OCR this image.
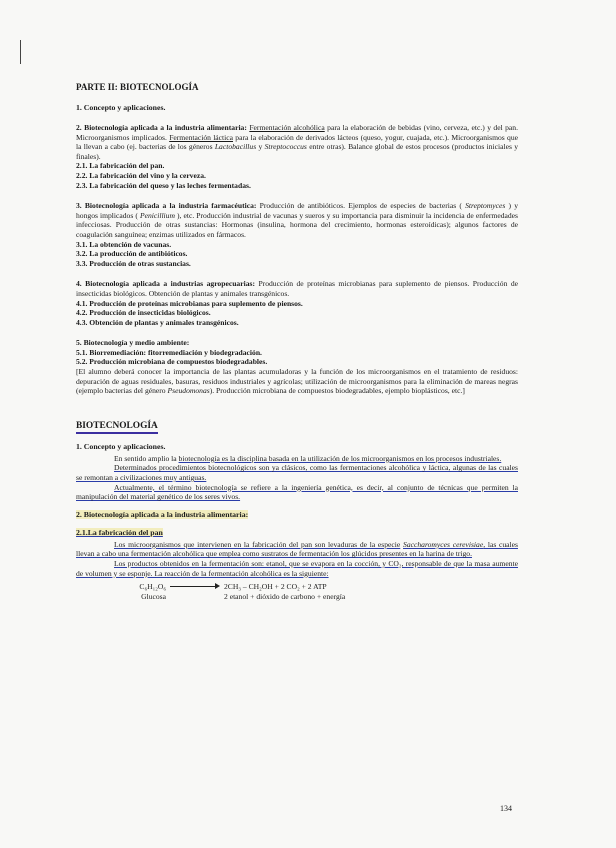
PARTE II: BIOTECNOLOGÍA
1. Concepto y aplicaciones.

2. Biotecnología aplicada a la industria alimentaria: Fermentación alcohólica para la elaboración de bebidas (vino, cerveza, etc.) y del pan. Microorganismos implicados. Fermentación láctica para la elaboración de derivados lácteos (queso, yogur, cuajada, etc.). Microorganismos que la llevan a cabo (ej. bacterias de los géneros Lactobacillus y Streptococcus entre otras). Balance global de estos procesos (productos iniciales y finales).

2.1. La fabricación del pan.

2.2. La fabricación del vino y la cerveza.

2.3. La fabricación del queso y las leches fermentadas.

3. Biotecnología aplicada a la industria farmacéutica: Producción de antibióticos. Ejemplos de especies de bacterias ( Streptomyces ) y hongos implicados ( Penicillium ), etc. Producción industrial de vacunas y sueros y su importancia para disminuir la incidencia de enfermedades infecciosas. Producción de otras sustancias: Hormonas (insulina, hormona del crecimiento, hormonas esteroídicas); algunos factores de coagulación sanguínea; enzimas utilizados en fármacos.

3.1. La obtención de vacunas.

3.2. La producción de antibióticos.

3.3. Producción de otras sustancias.

4. Biotecnología aplicada a industrias agropecuarias: Producción de proteínas microbianas para suplemento de piensos. Producción de insecticidas biológicos. Obtención de plantas y animales transgénicos.

4.1. Producción de proteínas microbianas para suplemento de piensos.

4.2. Producción de insecticidas biológicos.

4.3. Obtención de plantas y animales transgénicos.

5. Biotecnología y medio ambiente:

5.1. Biorremediación: fitorremediación y biodegradación.

5.2. Producción microbiana de compuestos biodegradables.

[El alumno deberá conocer la importancia de las plantas acumuladoras y la función de los microorganismos en el tratamiento de residuos: depuración de aguas residuales, basuras, residuos industriales y agrícolas; utilización de microorganismos para la eliminación de mareas negras (ejemplo bacterias del género Pseudomonas). Producción microbiana de compuestos biodegradables, ejemplo bioplásticos, etc.]

BIOTECNOLOGÍA
1. Concepto y aplicaciones.

En sentido amplio la biotecnología es la disciplina basada en la utilización de los microorganismos en los procesos industriales.

Determinados procedimientos biotecnológicos son ya clásicos, como las fermentaciones alcohólica y láctica, algunas de las cuales se remontan a civilizaciones muy antiguas.

Actualmente, el término biotecnología se refiere a la ingeniería genética, es decir, al conjunto de técnicas que permiten la manipulación del material genético de los seres vivos.

2. Biotecnología aplicada a la industria alimentaria:
2.1.La fabricación del pan

Los microorganismos que intervienen en la fabricación del pan son levaduras de la especie Saccharomyces cerevisiae, las cuales llevan a cabo una fermentación alcohólica que emplea como sustratos de fermentación los glúcidos presentes en la harina de trigo.

Los productos obtenidos en la fermentación son: etanol, que se evapora en la cocción, y CO₂, responsable de que la masa aumente de volumen y se esponje. La reacción de la fermentación alcohólica es la siguiente:

C₆H₁₂O₆	2CH₃ – CH₂OH + 2 CO₂ + 2 ATP
Glucosa	2 etanol + dióxido de carbono + energía
134
